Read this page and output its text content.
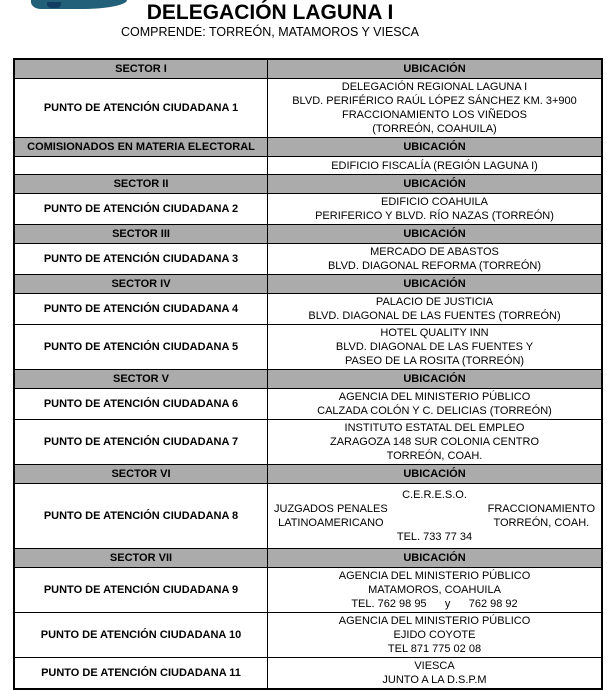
DELEGACIÓN LAGUNA I
COMPRENDE: TORREÓN, MATAMOROS Y VIESCA
SECTOR I	UBICACIÓN
PUNTO DE ATENCIÓN CIUDADANA 1	DELEGACIÓN REGIONAL LAGUNA I
BLVD. PERIFÉRICO RAÚL LÓPEZ SÁNCHEZ KM. 3+900
FRACCIONAMIENTO LOS VIÑEDOS
(TORREÓN, COAHUILA)

COMISIONADOS EN MATERIA ELECTORAL	UBICACIÓN

	EDIFICIO FISCALÍA (REGIÓN LAGUNA I)

SECTOR II	UBICACIÓN
PUNTO DE ATENCIÓN CIUDADANA 2	EDIFICIO COAHUILA
PERIFERICO Y BLVD. RÍO NAZAS (TORREÓN)

SECTOR III	UBICACIÓN
PUNTO DE ATENCIÓN CIUDADANA 3	MERCADO DE ABASTOS
BLVD. DIAGONAL REFORMA (TORREÓN)

SECTOR IV	UBICACIÓN
PUNTO DE ATENCIÓN CIUDADANA 4	PALACIO DE JUSTICIA
BLVD. DIAGONAL DE LAS FUENTES (TORREÓN)

PUNTO DE ATENCIÓN CIUDADANA 5	HOTEL QUALITY INN
BLVD. DIAGONAL DE LAS FUENTES Y
PASEO DE LA ROSITA (TORREÓN)

SECTOR V	UBICACIÓN
PUNTO DE ATENCIÓN CIUDADANA 6	AGENCIA DEL MINISTERIO PÚBLICO
CALZADA COLÓN Y C. DELICIAS (TORREÓN)

PUNTO DE ATENCIÓN CIUDADANA 7	INSTITUTO ESTATAL DEL EMPLEO
ZARAGOZA 148 SUR COLONIA CENTRO
TORREÓN, COAH.

SECTOR VI	UBICACIÓN
PUNTO DE ATENCIÓN CIUDADANA 8	
C.E.R.E.S.O.
JUZGADOS PENALES
LATINOAMERICANO
FRACCIONAMIENTO
TORREÓN, COAH.
TEL. 733 77 34

SECTOR VII	UBICACIÓN
PUNTO DE ATENCIÓN CIUDADANA 9	AGENCIA DEL MINISTERIO PÚBLICO
MATAMOROS, COAHUILA
TEL. 762 98 95      y      762 98 92

PUNTO DE ATENCIÓN CIUDADANA 10	AGENCIA DEL MINISTERIO PÚBLICO
EJIDO COYOTE
TEL 871 775 02 08

PUNTO DE ATENCIÓN CIUDADANA 11	VIESCA
JUNTO A LA D.S.P.M
